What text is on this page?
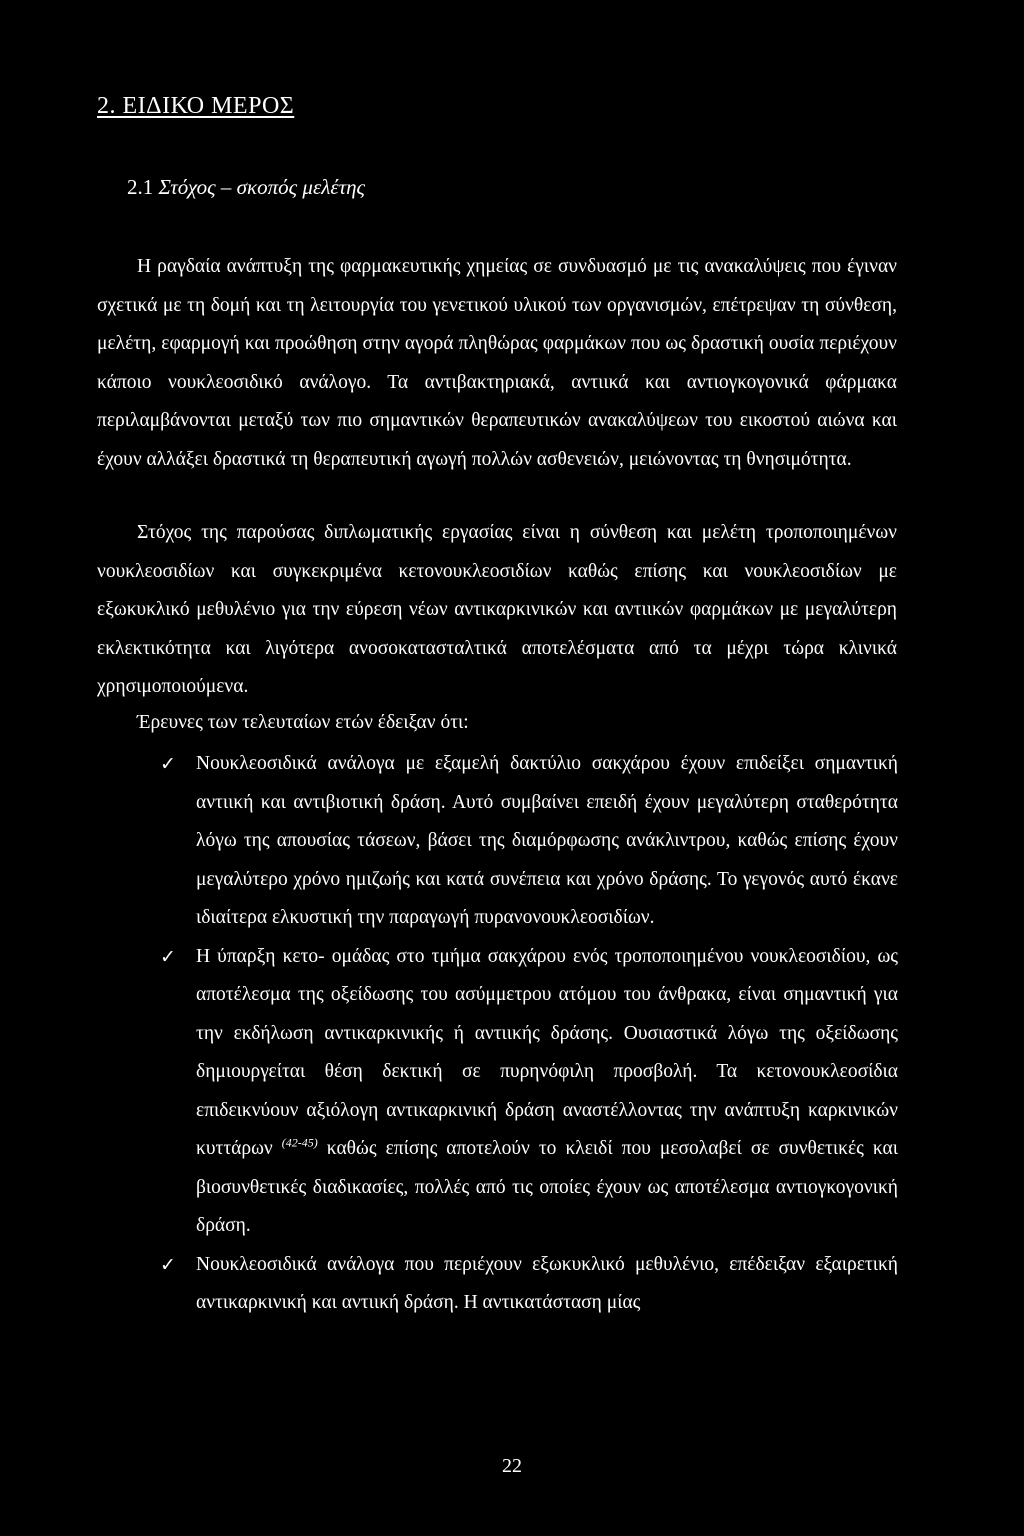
2. ΕΙΔΙΚΟ ΜΕΡΟΣ
2.1 Στόχος – σκοπός μελέτης

Η ραγδαία ανάπτυξη της φαρμακευτικής χημείας σε συνδυασμό με τις ανακαλύψεις που έγιναν σχετικά με τη δομή και τη λειτουργία του γενετικού υλικού των οργανισμών, επέτρεψαν τη σύνθεση, μελέτη, εφαρμογή και προώθηση στην αγορά πληθώρας φαρμάκων που ως δραστική ουσία περιέχουν κάποιο νουκλεοσιδικό ανάλογο. Τα αντιβακτηριακά, αντιικά και αντιογκογονικά φάρμακα περιλαμβάνονται μεταξύ των πιο σημαντικών θεραπευτικών ανακαλύψεων του εικοστού αιώνα και έχουν αλλάξει δραστικά τη θεραπευτική αγωγή πολλών ασθενειών, μειώνοντας τη θνησιμότητα.

Στόχος της παρούσας διπλωματικής εργασίας είναι η σύνθεση και μελέτη τροποποιημένων νουκλεοσιδίων και συγκεκριμένα κετονουκλεοσιδίων καθώς επίσης και νουκλεοσιδίων με εξωκυκλικό μεθυλένιο για την εύρεση νέων αντικαρκινικών και αντιικών φαρμάκων με μεγαλύτερη εκλεκτικότητα και λιγότερα ανοσοκατασταλτικά αποτελέσματα από τα μέχρι τώρα κλινικά χρησιμοποιούμενα.

Έρευνες των τελευταίων ετών έδειξαν ότι:

✓ Νουκλεοσιδικά ανάλογα με εξαμελή δακτύλιο σακχάρου έχουν επιδείξει σημαντική αντιική και αντιβιοτική δράση. Αυτό συμβαίνει επειδή έχουν μεγαλύτερη σταθερότητα λόγω της απουσίας τάσεων, βάσει της διαμόρφωσης ανάκλιντρου, καθώς επίσης έχουν μεγαλύτερο χρόνο ημιζωής και κατά συνέπεια και χρόνο δράσης. Το γεγονός αυτό έκανε ιδιαίτερα ελκυστική την παραγωγή πυρανονουκλεοσιδίων.
✓ Η ύπαρξη κετο- ομάδας στο τμήμα σακχάρου ενός τροποποιημένου νουκλεοσιδίου, ως αποτέλεσμα της οξείδωσης του ασύμμετρου ατόμου του άνθρακα, είναι σημαντική για την εκδήλωση αντικαρκινικής ή αντιικής δράσης. Ουσιαστικά λόγω της οξείδωσης δημιουργείται θέση δεκτική σε πυρηνόφιλη προσβολή. Τα κετονουκλεοσίδια επιδεικνύουν αξιόλογη αντικαρκινική δράση αναστέλλοντας την ανάπτυξη καρκινικών κυττάρων $^{(42-45)}$ καθώς επίσης αποτελούν το κλειδί που μεσολαβεί σε συνθετικές και βιοσυνθετικές διαδικασίες, πολλές από τις οποίες έχουν ως αποτέλεσμα αντιογκογονική δράση.
✓ Νουκλεοσιδικά ανάλογα που περιέχουν εξωκυκλικό μεθυλένιο, επέδειξαν εξαιρετική αντικαρκινική και αντιική δράση. Η αντικατάσταση μίας

22
